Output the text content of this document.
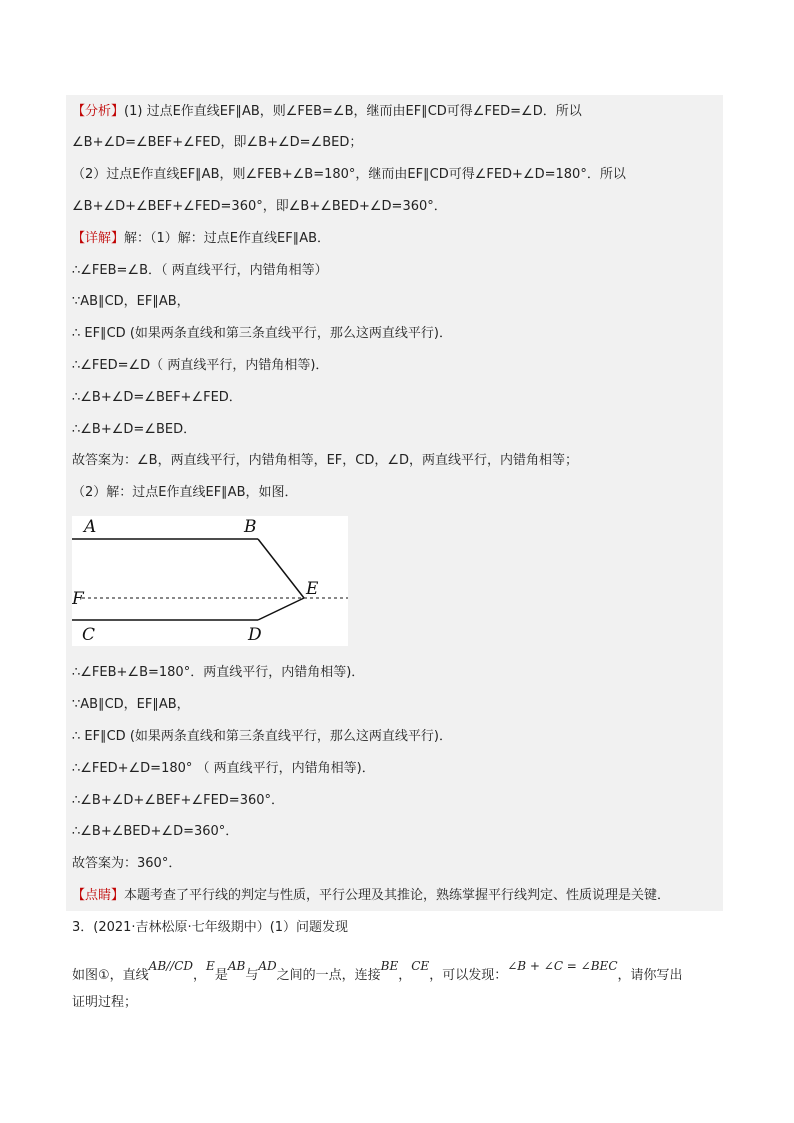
【分析】(1) 过点E作直线EF∥AB，则∠FEB=∠B，继而由EF∥CD可得∠FED=∠D．所以
∠B+∠D=∠BEF+∠FED，即∠B+∠D=∠BED；
（2）过点E作直线EF∥AB，则∠FEB+∠B=180°，继而由EF∥CD可得∠FED+∠D=180°．所以
∠B+∠D+∠BEF+∠FED=360°，即∠B+∠BED+∠D=360°．
【详解】解：（1）解：过点E作直线EF∥AB．
∴∠FEB=∠B．（ 两直线平行，内错角相等）
∵AB∥CD，EF∥AB，
∴ EF∥CD (如果两条直线和第三条直线平行，那么这两直线平行)．
∴∠FED=∠D（ 两直线平行，内错角相等)．
∴∠B+∠D=∠BEF+∠FED．
∴∠B+∠D=∠BED．
故答案为：∠B，两直线平行，内错角相等，EF，CD，∠D，两直线平行，内错角相等；
（2）解：过点E作直线EF∥AB，如图．
A	B
F	E
C	D
∴∠FEB+∠B=180°．两直线平行，内错角相等)．
∵AB∥CD，EF∥AB，
∴ EF∥CD (如果两条直线和第三条直线平行，那么这两直线平行)．
∴∠FED+∠D=180° （ 两直线平行，内错角相等)．
∴∠B+∠D+∠BEF+∠FED=360°．
∴∠B+∠BED+∠D=360°．
故答案为：360°．
【点睛】本题考查了平行线的判定与性质，平行公理及其推论，熟练掌握平行线判定、性质说理是关键．
3．(2021·吉林松原·七年级期中）(1）问题发现
如图①，直线AB//CD，E是AB与AD之间的一点，连接BE，CE，可以发现：∠B + ∠C = ∠BEC，请你写出
证明过程；
